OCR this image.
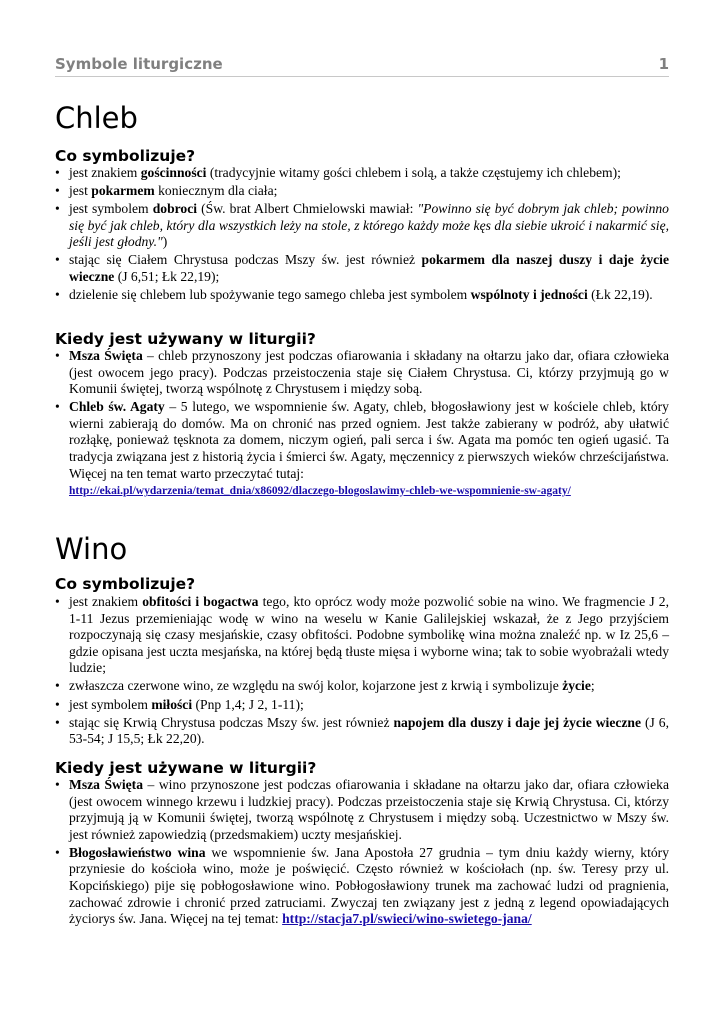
Symbole liturgiczne	1
Chleb
Co symbolizuje?
• jest znakiem gościnności (tradycyjnie witamy gości chlebem i solą, a także częstujemy ich chlebem);
• jest pokarmem koniecznym dla ciała;
• jest symbolem dobroci (Św. brat Albert Chmielowski mawiał: "Powinno się być dobrym jak chleb; powinno się być jak chleb, który dla wszystkich leży na stole, z którego każdy może kęs dla siebie ukroić i nakarmić się, jeśli jest głodny.")
• stając się Ciałem Chrystusa podczas Mszy św. jest również pokarmem dla naszej duszy i daje życie wieczne (J 6,51; Łk 22,19);
• dzielenie się chlebem lub spożywanie tego samego chleba jest symbolem wspólnoty i jedności (Łk 22,19).
Kiedy jest używany w liturgii?
• Msza Święta – chleb przynoszony jest podczas ofiarowania i składany na ołtarzu jako dar, ofiara człowieka (jest owocem jego pracy). Podczas przeistoczenia staje się Ciałem Chrystusa. Ci, którzy przyjmują go w Komunii świętej, tworzą wspólnotę z Chrystusem i między sobą.
• Chleb św. Agaty – 5 lutego, we wspomnienie św. Agaty, chleb, błogosławiony jest w kościele chleb, który wierni zabierają do domów. Ma on chronić nas przed ogniem. Jest także zabierany w podróż, aby ułatwić rozłąkę, ponieważ tęsknota za domem, niczym ogień, pali serca i św. Agata ma pomóc ten ogień ugasić. Ta tradycja związana jest z historią życia i śmierci św. Agaty, męczennicy z pierwszych wieków chrześcijaństwa. Więcej na ten temat warto przeczytać tutaj:
http://ekai.pl/wydarzenia/temat_dnia/x86092/dlaczego-blogoslawimy-chleb-we-wspomnienie-sw-agaty/
Wino
Co symbolizuje?
• jest znakiem obfitości i bogactwa tego, kto oprócz wody może pozwolić sobie na wino. We fragmencie J 2, 1-11 Jezus przemieniając wodę w wino na weselu w Kanie Galilejskiej wskazał, że z Jego przyjściem rozpoczynają się czasy mesjańskie, czasy obfitości. Podobne symbolikę wina można znaleźć np. w Iz 25,6 – gdzie opisana jest uczta mesjańska, na której będą tłuste mięsa i wyborne wina; tak to sobie wyobrażali wtedy ludzie;
• zwłaszcza czerwone wino, ze względu na swój kolor, kojarzone jest z krwią i symbolizuje życie;
• jest symbolem miłości (Pnp 1,4; J 2, 1-11);
• stając się Krwią Chrystusa podczas Mszy św. jest również napojem dla duszy i daje jej życie wieczne (J 6, 53-54; J 15,5; Łk 22,20).
Kiedy jest używane w liturgii?
• Msza Święta – wino przynoszone jest podczas ofiarowania i składane na ołtarzu jako dar, ofiara człowieka (jest owocem winnego krzewu i ludzkiej pracy). Podczas przeistoczenia staje się Krwią Chrystusa. Ci, którzy przyjmują ją w Komunii świętej, tworzą wspólnotę z Chrystusem i między sobą. Uczestnictwo w Mszy św. jest również zapowiedzią (przedsmakiem) uczty mesjańskiej.
• Błogosławieństwo wina we wspomnienie św. Jana Apostoła 27 grudnia – tym dniu każdy wierny, który przyniesie do kościoła wino, może je poświęcić. Często również w kościołach (np. św. Teresy przy ul. Kopcińskiego) pije się pobłogosławione wino. Pobłogosławiony trunek ma zachować ludzi od pragnienia, zachować zdrowie i chronić przed zatruciami. Zwyczaj ten związany jest z jedną z legend opowiadających życiorys św. Jana. Więcej na tej temat: http://stacja7.pl/swieci/wino-swietego-jana/
